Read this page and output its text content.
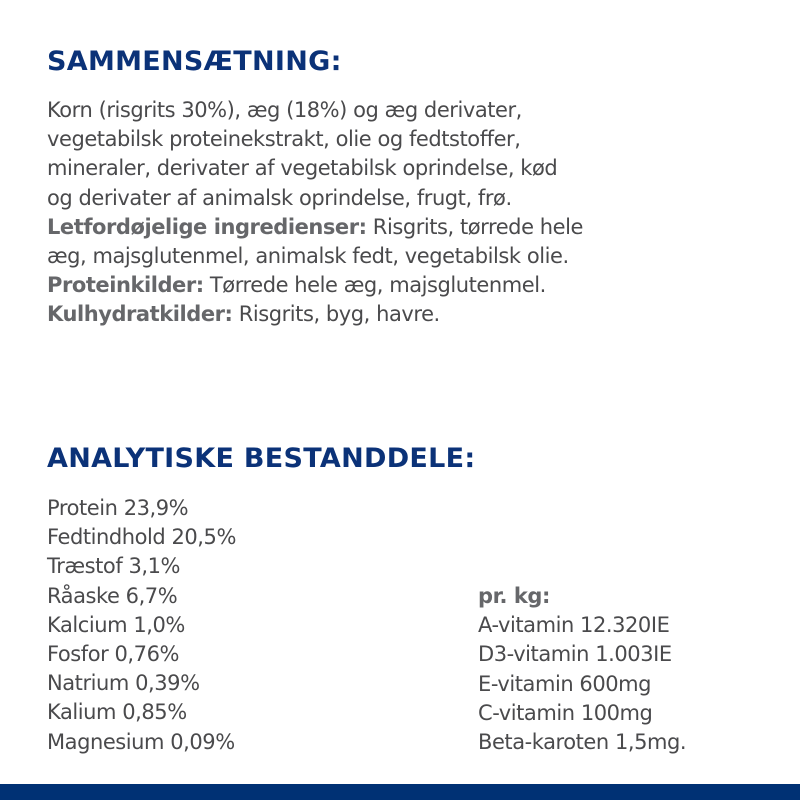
SAMMENSÆTNING:
Korn (risgrits 30%), æg (18%) og æg derivater,
vegetabilsk proteinekstrakt, olie og fedtstoffer,
mineraler, derivater af vegetabilsk oprindelse, kød
og derivater af animalsk oprindelse, frugt, frø.
Letfordøjelige ingredienser: Risgrits, tørrede hele
æg, majsglutenmel, animalsk fedt, vegetabilsk olie.
Proteinkilder: Tørrede hele æg, majsglutenmel.
Kulhydratkilder: Risgrits, byg, havre.
ANALYTISKE BESTANDDELE:
Protein 23,9%
Fedtindhold 20,5%
Træstof 3,1%
Råaske 6,7%
Kalcium 1,0%
Fosfor 0,76%
Natrium 0,39%
Kalium 0,85%
Magnesium 0,09%
pr. kg:
A-vitamin 12.320IE
D3-vitamin 1.003IE
E-vitamin 600mg
C-vitamin 100mg
Beta-karoten 1,5mg.
